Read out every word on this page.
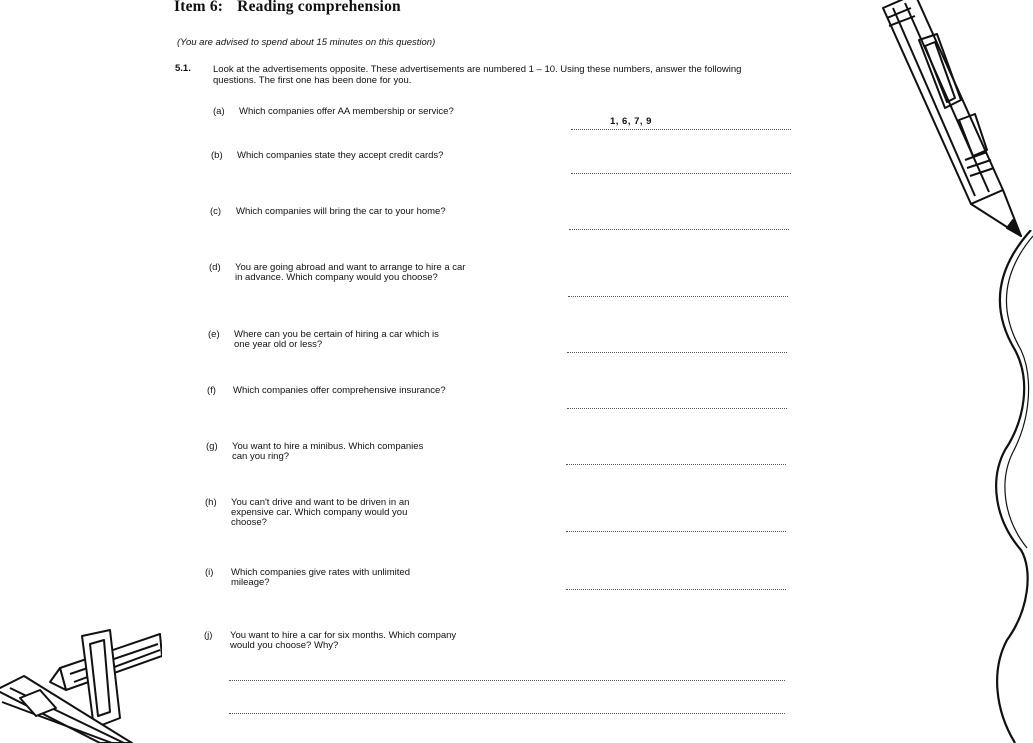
Item 6: Reading comprehension
(You are advised to spend about 15 minutes on this question)
5.1. Look at the advertisements opposite. These advertisements are numbered 1 – 10. Using these numbers, answer the following questions. The first one has been done for you.
(a) Which companies offer AA membership or service?
1, 6, 7, 9
(b) Which companies state they accept credit cards?
(c) Which companies will bring the car to your home?
(d) You are going abroad and want to arrange to hire a car in advance. Which company would you choose?
(e) Where can you be certain of hiring a car which is one year old or less?
(f) Which companies offer comprehensive insurance?
(g) You want to hire a minibus. Which companies can you ring?
(h) You can't drive and want to be driven in an expensive car. Which company would you choose?
(i) Which companies give rates with unlimited mileage?
(j) You want to hire a car for six months. Which company would you choose? Why?
